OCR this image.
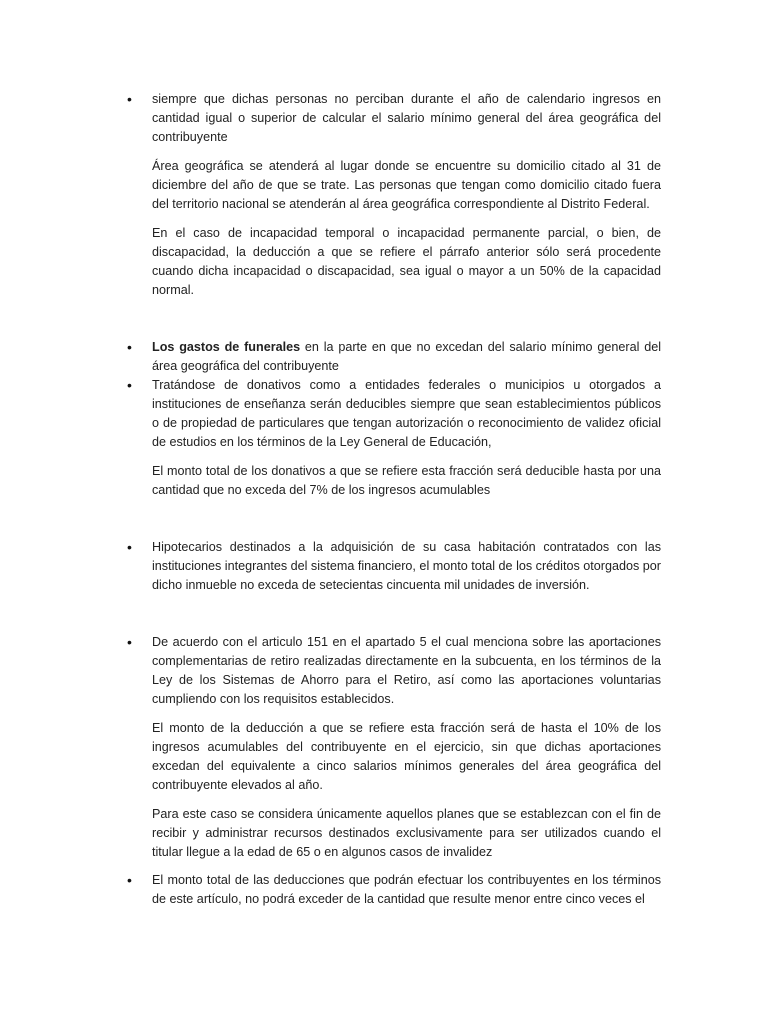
•	siempre que dichas personas no perciban durante el año de calendario ingresos en cantidad igual o superior de calcular el salario mínimo general del área geográfica del contribuyente

Área geográfica se atenderá al lugar donde se encuentre su domicilio citado al 31 de diciembre del año de que se trate. Las personas que tengan como domicilio citado fuera del territorio nacional se atenderán al área geográfica correspondiente al Distrito Federal.

En el caso de incapacidad temporal o incapacidad permanente parcial, o bien, de discapacidad, la deducción a que se refiere el párrafo anterior sólo será procedente cuando dicha incapacidad o discapacidad, sea igual o mayor a un 50% de la capacidad normal.

•	Los gastos de funerales en la parte en que no excedan del salario mínimo general del área geográfica del contribuyente

•	Tratándose de donativos como a entidades federales o municipios u otorgados a instituciones de enseñanza serán deducibles siempre que sean establecimientos públicos o de propiedad de particulares que tengan autorización o reconocimiento de validez oficial de estudios en los términos de la Ley General de Educación,

El monto total de los donativos a que se refiere esta fracción será deducible hasta por una cantidad que no exceda del 7% de los ingresos acumulables

•	Hipotecarios destinados a la adquisición de su casa habitación contratados con las instituciones integrantes del sistema financiero, el monto total de los créditos otorgados por dicho inmueble no exceda de setecientas cincuenta mil unidades de inversión.

•	De acuerdo con el articulo 151 en el apartado 5 el cual menciona sobre las aportaciones complementarias de retiro realizadas directamente en la subcuenta, en los términos de la Ley de los Sistemas de Ahorro para el Retiro, así como las aportaciones voluntarias cumpliendo con los requisitos establecidos.

El monto de la deducción a que se refiere esta fracción será de hasta el 10% de los ingresos acumulables del contribuyente en el ejercicio, sin que dichas aportaciones excedan del equivalente a cinco salarios mínimos generales del área geográfica del contribuyente elevados al año.

Para este caso se considera únicamente aquellos planes que se establezcan con el fin de recibir y administrar recursos destinados exclusivamente para ser utilizados cuando el titular llegue a la edad de 65 o en algunos casos de invalidez

•	El monto total de las deducciones que podrán efectuar los contribuyentes en los términos de este artículo, no podrá exceder de la cantidad que resulte menor entre cinco veces el
